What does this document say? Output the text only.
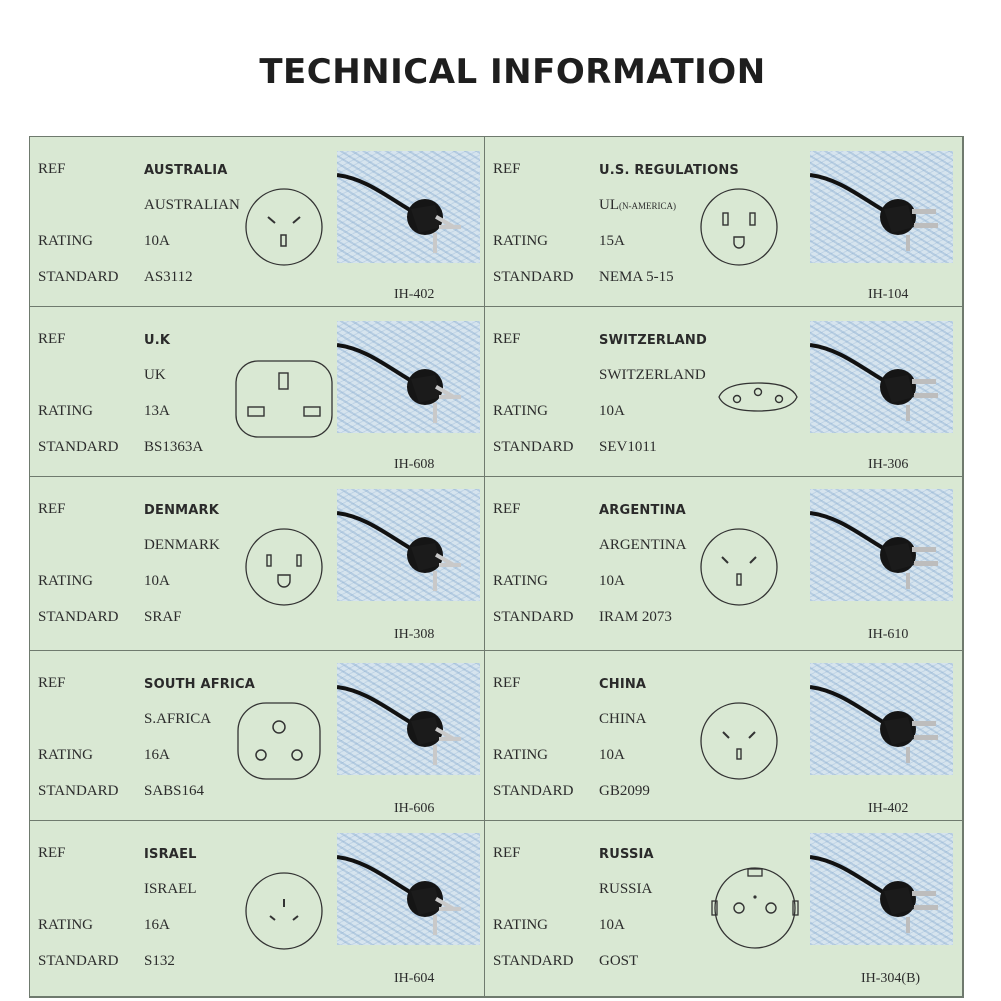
TECHNICAL INFORMATION
REF
RATING
STANDARD
AUSTRALIA
AUSTRALIAN
10A
AS3112
IH-402
REF
RATING
STANDARD
U.S. REGULATIONS
UL(N-AMERICA)
15A
NEMA 5-15
IH-104
REF
RATING
STANDARD
U.K
UK
13A
BS1363A
IH-608
REF
RATING
STANDARD
SWITZERLAND
SWITZERLAND
10A
SEV1011
IH-306
REF
RATING
STANDARD
DENMARK
DENMARK
10A
SRAF
IH-308
REF
RATING
STANDARD
ARGENTINA
ARGENTINA
10A
IRAM 2073
IH-610
REF
RATING
STANDARD
SOUTH AFRICA
S.AFRICA
16A
SABS164
IH-606
REF
RATING
STANDARD
CHINA
CHINA
10A
GB2099
IH-402
REF
RATING
STANDARD
ISRAEL
ISRAEL
16A
S132
IH-604
REF
RATING
STANDARD
RUSSIA
RUSSIA
10A
GOST
IH-304(B)
